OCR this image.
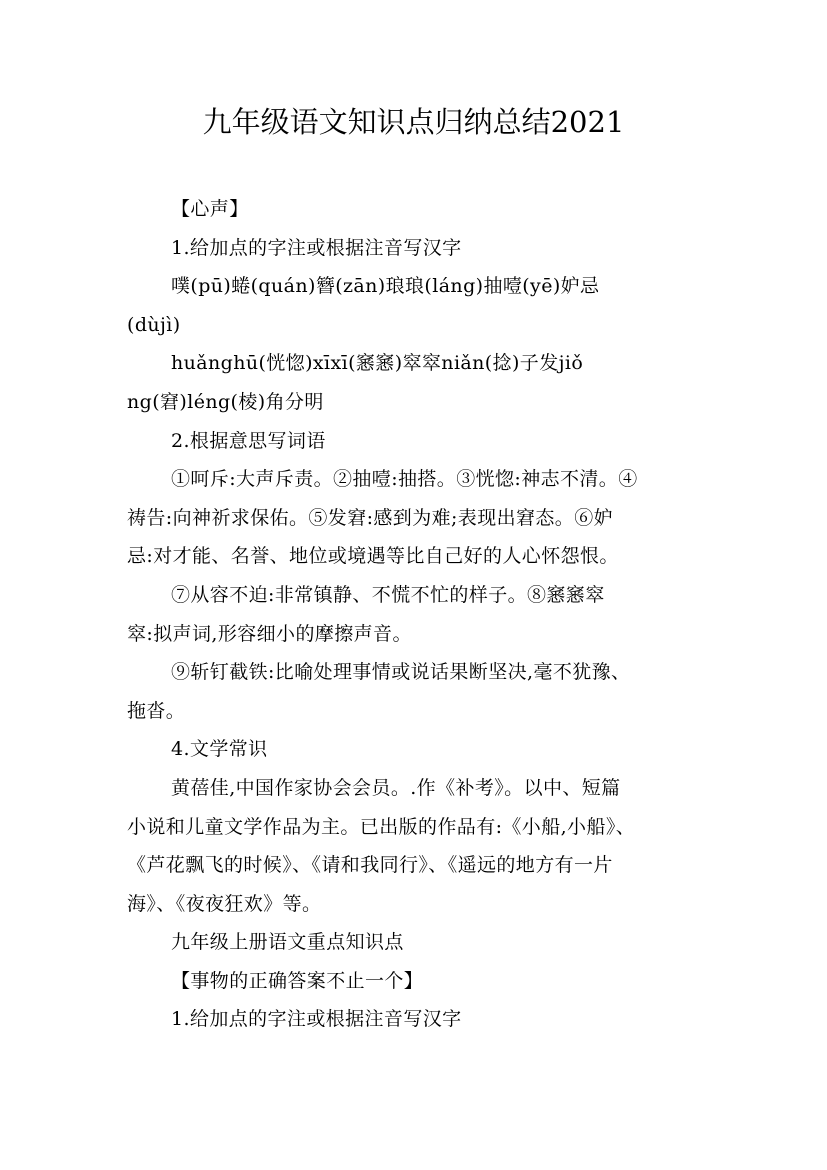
九年级语文知识点归纳总结2021
【心声】
1.给加点的字注或根据注音写汉字
噗(pū)蜷(quán)簪(zān)琅琅(láng)抽噎(yē)妒忌
(dùjì)
huǎnghū(恍惚)xīxī(窸窸)窣窣niǎn(捻)子发jiǒ
ng(窘)léng(棱)角分明
2.根据意思写词语
①呵斥:大声斥责。②抽噎:抽搭。③恍惚:神志不清。④
祷告:向神祈求保佑。⑤发窘:感到为难;表现出窘态。⑥妒
忌:对才能、名誉、地位或境遇等比自己好的人心怀怨恨。
⑦从容不迫:非常镇静、不慌不忙的样子。⑧窸窸窣
窣:拟声词,形容细小的摩擦声音。
⑨斩钉截铁:比喻处理事情或说话果断坚决,毫不犹豫、
拖沓。
4.文学常识
黄蓓佳,中国作家协会会员。.作《补考》。以中、短篇
小说和儿童文学作品为主。已出版的作品有:《小船,小船》、
《芦花飘飞的时候》、《请和我同行》、《遥远的地方有一片
海》、《夜夜狂欢》等。
九年级上册语文重点知识点
【事物的正确答案不止一个】
1.给加点的字注或根据注音写汉字
